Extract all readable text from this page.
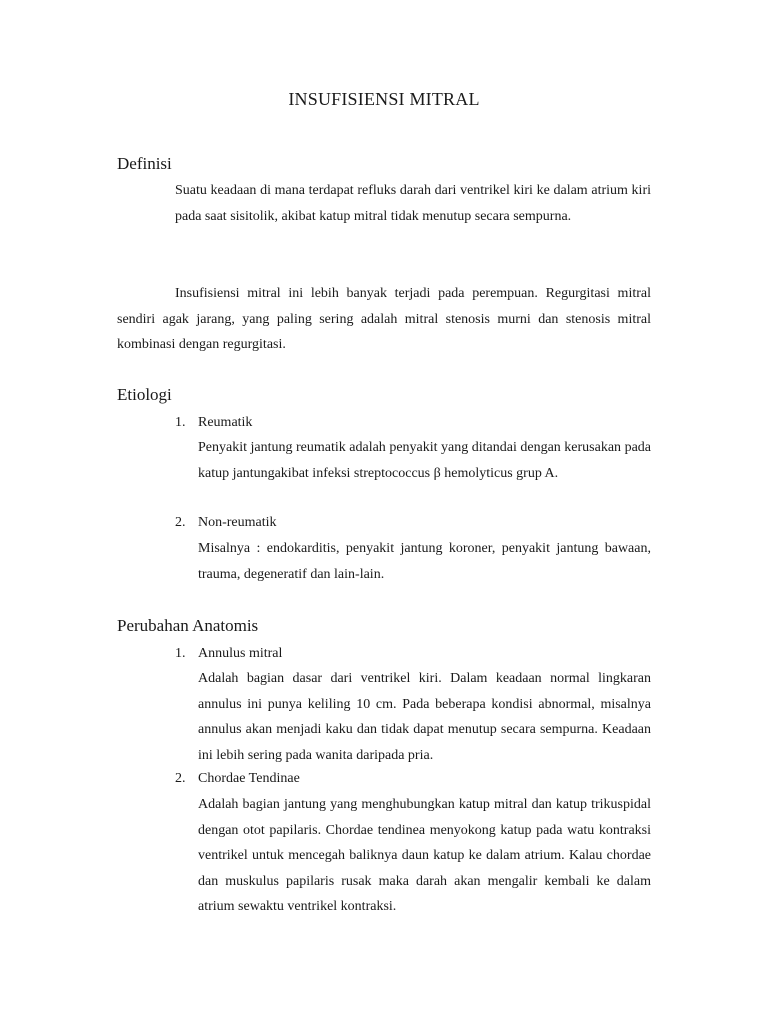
INSUFISIENSI MITRAL
Definisi

Suatu keadaan di mana terdapat refluks darah dari ventrikel kiri ke dalam atrium kiri pada saat sisitolik, akibat katup mitral tidak menutup secara sempurna.

Insufisiensi mitral ini lebih banyak terjadi pada perempuan. Regurgitasi mitral sendiri agak jarang, yang paling sering adalah mitral stenosis murni dan stenosis mitral kombinasi dengan regurgitasi.

Etiologi
1. Reumatik

Penyakit jantung reumatik adalah penyakit yang ditandai dengan kerusakan pada katup jantungakibat infeksi streptococcus β hemolyticus grup A.

2. Non-reumatik

Misalnya : endokarditis, penyakit jantung koroner, penyakit jantung bawaan, trauma, degeneratif dan lain-lain.

Perubahan Anatomis
1. Annulus mitral

Adalah bagian dasar dari ventrikel kiri. Dalam keadaan normal lingkaran annulus ini punya keliling 10 cm. Pada beberapa kondisi abnormal, misalnya annulus akan menjadi kaku dan tidak dapat menutup secara sempurna. Keadaan ini lebih sering pada wanita daripada pria.

2. Chordae Tendinae

Adalah bagian jantung yang menghubungkan katup mitral dan katup trikuspidal dengan otot papilaris. Chordae tendinea menyokong katup pada watu kontraksi ventrikel untuk mencegah baliknya daun katup ke dalam atrium. Kalau chordae dan muskulus papilaris rusak maka darah akan mengalir kembali ke dalam atrium sewaktu ventrikel kontraksi.
